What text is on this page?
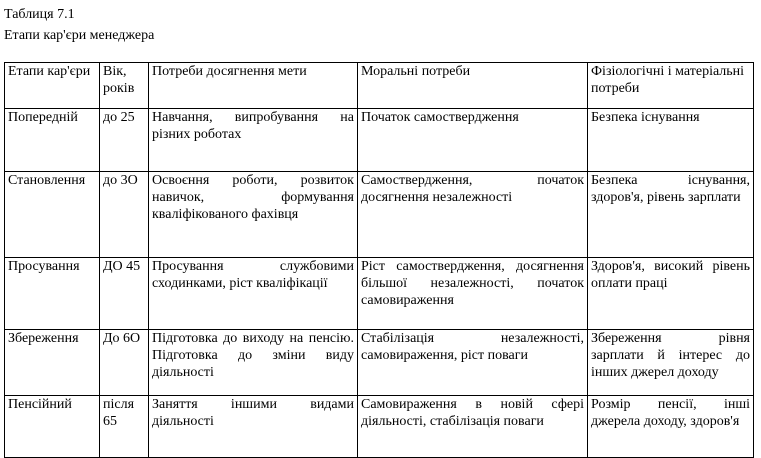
Таблиця 7.1
Етапи кар'єри менеджера
Етапи кар'єри	Вік, років	Потреби досягнення мети	Моральні потреби	Фізіологічні і матеріальні потреби

Попередній	до 25	Навчання, випробування на різних роботах	Початок самоствердження	Безпека існування
Становлення	до 3О	Освоєння роботи, розвиток навичок, формування кваліфікованого фахівця	Самоствердження, початок досягнення незалежності	Безпека існування, здоров'я, рівень зарплати
Просування	ДО 45	Просування службовими сходинками, ріст кваліфікації	Ріст самоствердження, досягнення більшої незалежності, початок самовираження	Здоров'я, високий рівень оплати праці
Збереження	До 6О	Підготовка до виходу на пенсію. Підготовка до зміни виду діяльності	Стабілізація незалежності, самовираження, ріст поваги	Збереження рівня зарплати й інтерес до інших джерел доходу
Пенсійний	після 65	Заняття іншими видами діяльності	Самовираження в новій сфері діяльності, стабілізація поваги	Розмір пенсії, інші джерела доходу, здоров'я
